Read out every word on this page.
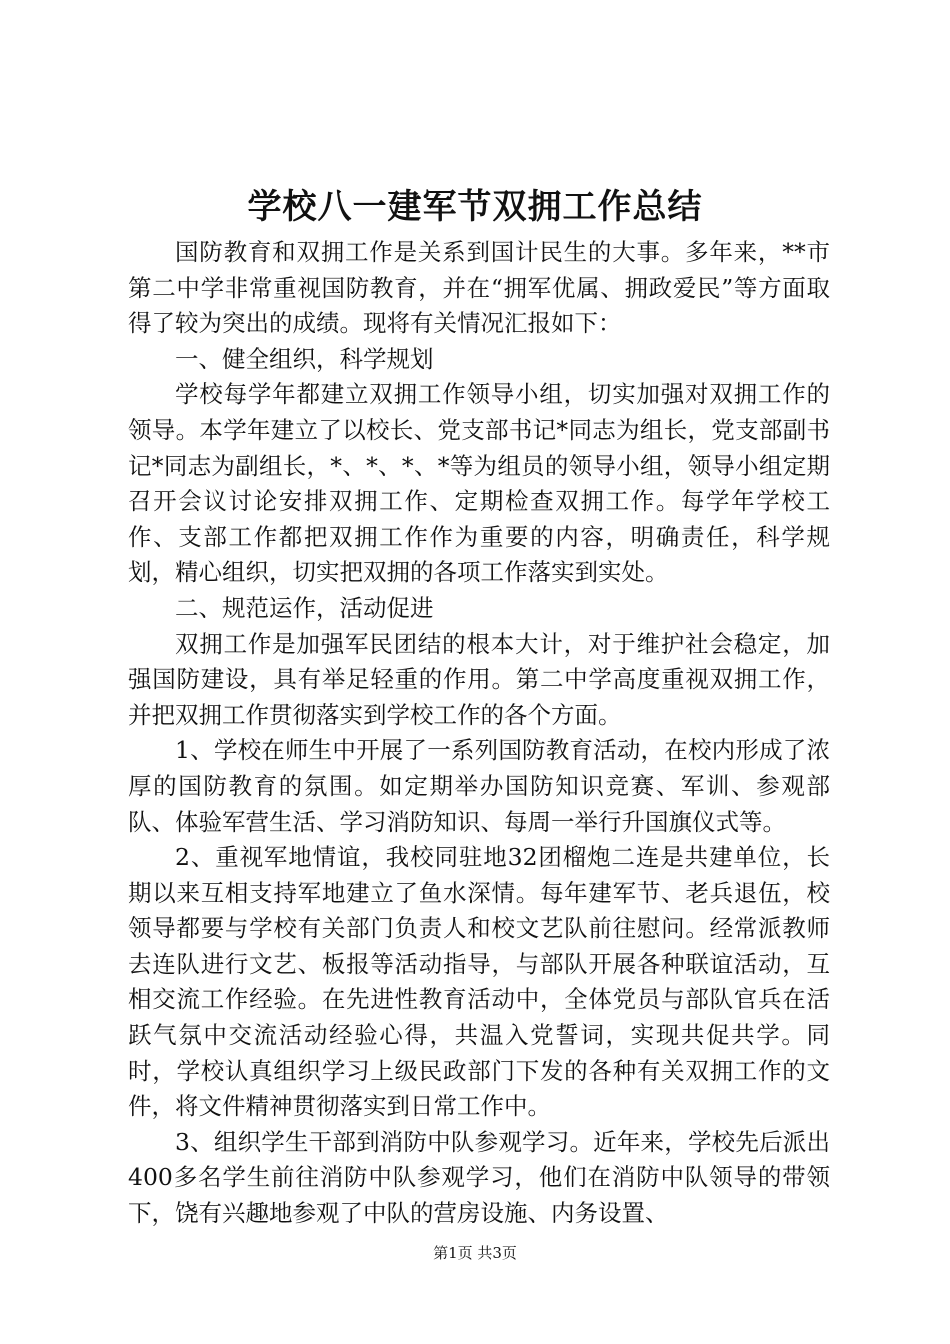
学校八一建军节双拥工作总结

国防教育和双拥工作是关系到国计民生的大事。多年来，**市第二中学非常重视国防教育，并在“拥军优属、拥政爱民”等方面取得了较为突出的成绩。现将有关情况汇报如下：

一、健全组织，科学规划

学校每学年都建立双拥工作领导小组，切实加强对双拥工作的领导。本学年建立了以校长、党支部书记*同志为组长，党支部副书记*同志为副组长，*、*、*、*等为组员的领导小组，领导小组定期召开会议讨论安排双拥工作、定期检查双拥工作。每学年学校工作、支部工作都把双拥工作作为重要的内容，明确责任，科学规划，精心组织，切实把双拥的各项工作落实到实处。

二、规范运作，活动促进

双拥工作是加强军民团结的根本大计，对于维护社会稳定，加强国防建设，具有举足轻重的作用。第二中学高度重视双拥工作，并把双拥工作贯彻落实到学校工作的各个方面。

1、学校在师生中开展了一系列国防教育活动，在校内形成了浓厚的国防教育的氛围。如定期举办国防知识竞赛、军训、参观部队、体验军营生活、学习消防知识、每周一举行升国旗仪式等。

2、重视军地情谊，我校同驻地32团榴炮二连是共建单位，长期以来互相支持军地建立了鱼水深情。每年建军节、老兵退伍，校领导都要与学校有关部门负责人和校文艺队前往慰问。经常派教师去连队进行文艺、板报等活动指导，与部队开展各种联谊活动，互相交流工作经验。在先进性教育活动中，全体党员与部队官兵在活跃气氛中交流活动经验心得，共温入党誓词，实现共促共学。同时，学校认真组织学习上级民政部门下发的各种有关双拥工作的文件，将文件精神贯彻落实到日常工作中。

3、组织学生干部到消防中队参观学习。近年来，学校先后派出400多名学生前往消防中队参观学习，他们在消防中队领导的带领下，饶有兴趣地参观了中队的营房设施、内务设置、

第1页 共3页
